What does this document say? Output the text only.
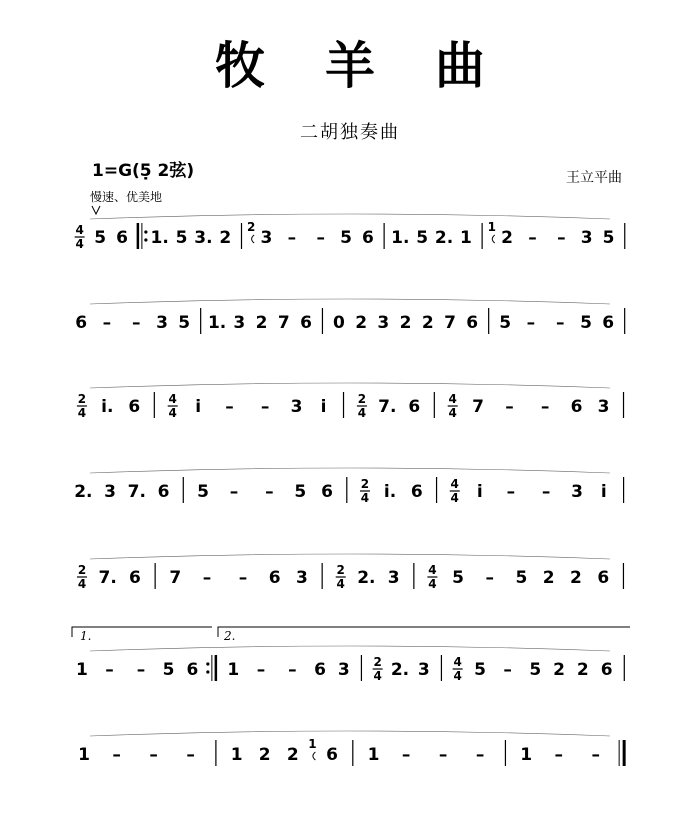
牧羊曲
二胡独奏曲
1=G(5̣ 2弦)	王立平曲
慢速、优美地
4
4 5 6 1. 5 3. 2
2
3 – – 5 6 1. 5 2. 1
1
2 – – 3 5
6 – – 3 5 1. 3 2 7 6 0 2 3 2 2 7 6 5 – – 5 6
2
4 i. 6 4
4 i – – 3 i	2
4 7. 6 4
4 7 – – 6 3
2. 3 7. 6 5 – – 5 6 2
4 i. 6 4
4 i – – 3 i
2
4 7. 6 7 – – 6 3 2
4 2. 3 4
4 5 – 5 2 2 6
1 – – 5 6 1 – – 6 3 2
4 2. 3 4
4 5 – 5 2 2 6
1 – – – 1 2 2
1
6 1 – – – 1 – –
1.	2.
